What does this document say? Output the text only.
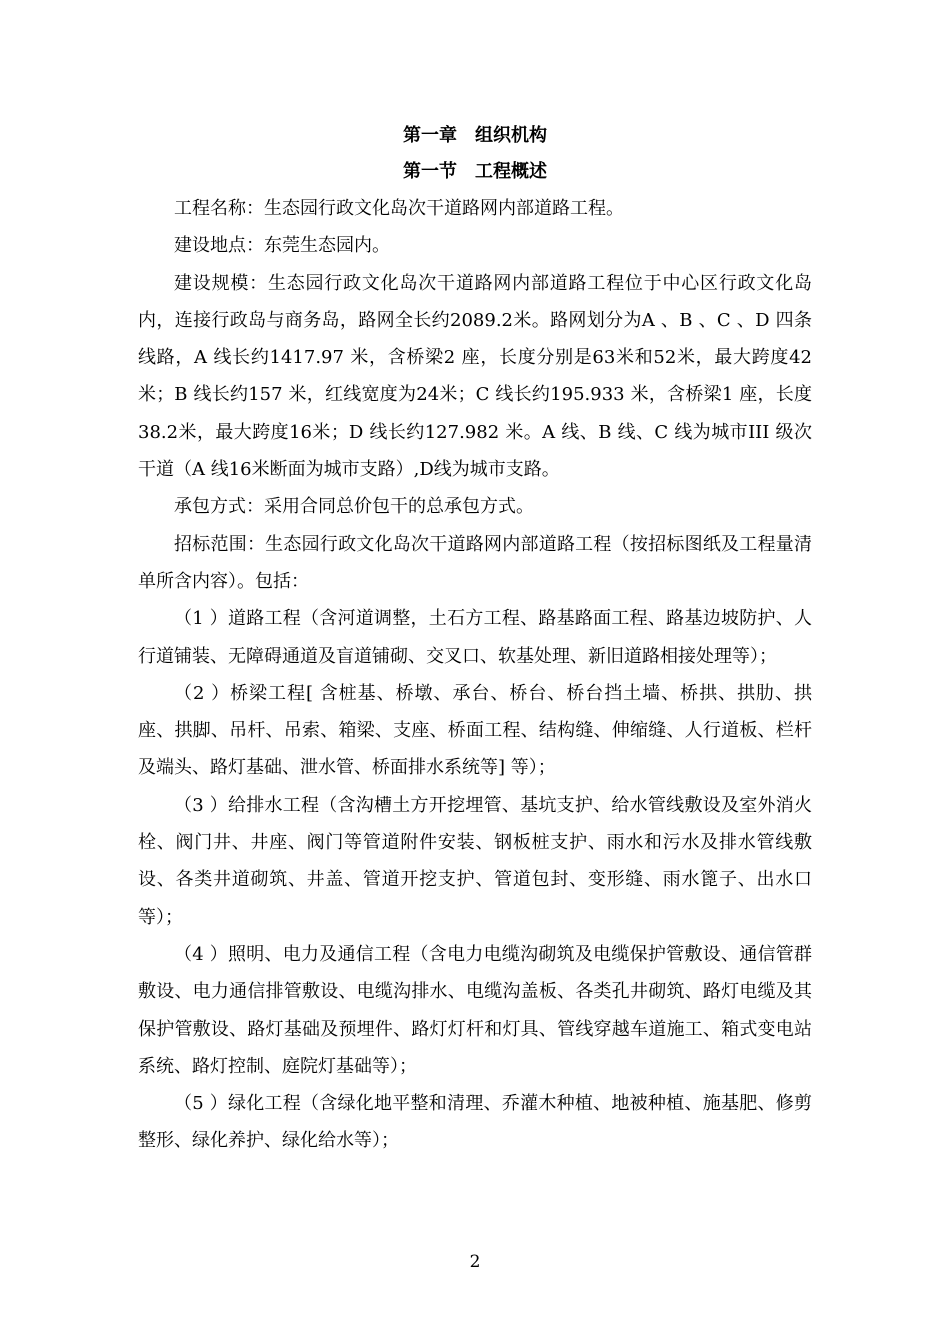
第一章　组织机构
第一节　工程概述

工程名称：生态园行政文化岛次干道路网内部道路工程。

建设地点：东莞生态园内。

建设规模：生态园行政文化岛次干道路网内部道路工程位于中心区行政文化岛内，连接行政岛与商务岛，路网全长约2089.2米。路网划分为A 、B 、C 、D 四条线路，A 线长约1417.97 米，含桥梁2 座，长度分别是63米和52米，最大跨度42米；B 线长约157 米，红线宽度为24米；C 线长约195.933 米，含桥梁1 座，长度38.2米，最大跨度16米；D 线长约127.982 米。A 线、B 线、C 线为城市III 级次干道（A 线16米断面为城市支路）,D线为城市支路。

承包方式：采用合同总价包干的总承包方式。

招标范围：生态园行政文化岛次干道路网内部道路工程（按招标图纸及工程量清单所含内容）。包括：

（1 ）道路工程（含河道调整，土石方工程、路基路面工程、路基边坡防护、人行道铺装、无障碍通道及盲道铺砌、交叉口、软基处理、新旧道路相接处理等）；

（2 ）桥梁工程[ 含桩基、桥墩、承台、桥台、桥台挡土墙、桥拱、拱肋、拱座、拱脚、吊杆、吊索、箱梁、支座、桥面工程、结构缝、伸缩缝、人行道板、栏杆及端头、路灯基础、泄水管、桥面排水系统等] 等）；

（3 ）给排水工程（含沟槽土方开挖埋管、基坑支护、给水管线敷设及室外消火栓、阀门井、井座、阀门等管道附件安装、钢板桩支护、雨水和污水及排水管线敷设、各类井道砌筑、井盖、管道开挖支护、管道包封、变形缝、雨水篦子、出水口等）；

（4 ）照明、电力及通信工程（含电力电缆沟砌筑及电缆保护管敷设、通信管群敷设、电力通信排管敷设、电缆沟排水、电缆沟盖板、各类孔井砌筑、路灯电缆及其保护管敷设、路灯基础及预埋件、路灯灯杆和灯具、管线穿越车道施工、箱式变电站系统、路灯控制、庭院灯基础等）；

（5 ）绿化工程（含绿化地平整和清理、乔灌木种植、地被种植、施基肥、修剪整形、绿化养护、绿化给水等）；

2
